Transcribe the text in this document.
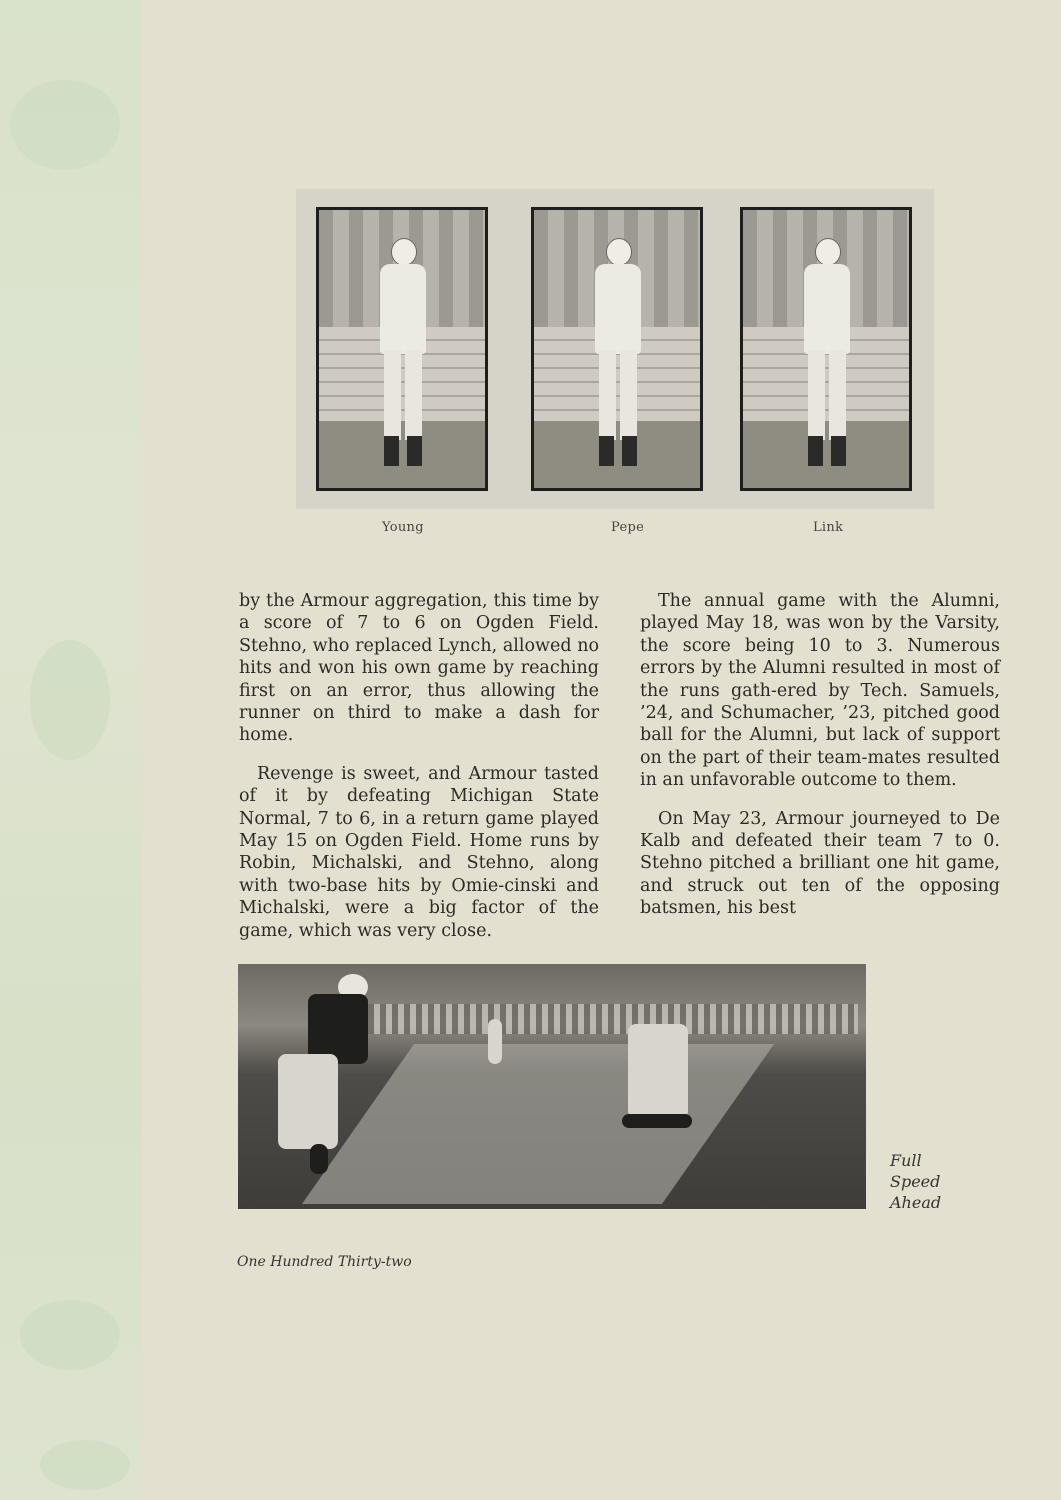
Young	Pepe	Link

by the Armour aggregation, this time by a score of 7 to 6 on Ogden Field. Stehno, who replaced Lynch, allowed no hits and won his own game by reaching first on an error, thus allowing the runner on third to make a dash for home.

Revenge is sweet, and Armour tasted of it by defeating Michigan State Normal, 7 to 6, in a return game played May 15 on Ogden Field. Home runs by Robin, Michalski, and Stehno, along with two-base hits by Omie-cinski and Michalski, were a big factor of the game, which was very close.

The annual game with the Alumni, played May 18, was won by the Varsity, the score being 10 to 3. Numerous errors by the Alumni resulted in most of the runs gath-ered by Tech. Samuels, ’24, and Schumacher, ’23, pitched good ball for the Alumni, but lack of support on the part of their team-mates resulted in an unfavorable outcome to them.

On May 23, Armour journeyed to De Kalb and defeated their team 7 to 0. Stehno pitched a brilliant one hit game, and struck out ten of the opposing batsmen, his best

Full
Speed
Ahead
One Hundred Thirty-two
